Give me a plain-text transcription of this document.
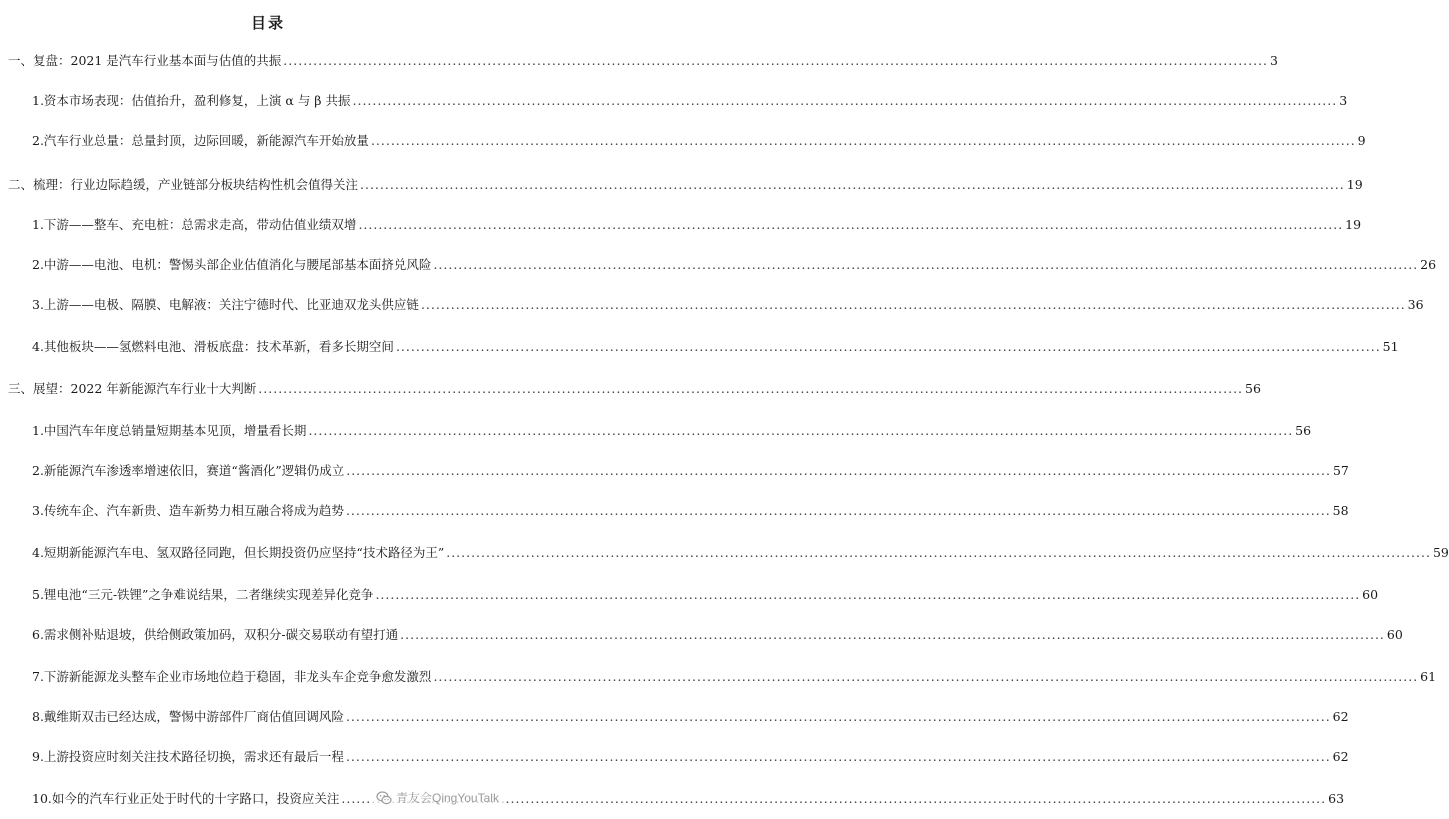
目录
一、复盘：2021 是汽车行业基本面与估值的共振 .....	3
1.资本市场表现：估值抬升，盈利修复，上演 α 与 β 共振 .....	3
2.汽车行业总量：总量封顶，边际回暖，新能源汽车开始放量 .....	9
二、梳理：行业边际趋缓，产业链部分板块结构性机会值得关注 .....	19
1.下游——整车、充电桩：总需求走高，带动估值业绩双增 .....	19
2.中游——电池、电机：警惕头部企业估值消化与腰尾部基本面挤兑风险 .....	26
3.上游——电极、隔膜、电解液：关注宁德时代、比亚迪双龙头供应链 .....	36
4.其他板块——氢燃料电池、滑板底盘：技术革新，看多长期空间 .....	51
三、展望：2022 年新能源汽车行业十大判断 .....	56
1.中国汽车年度总销量短期基本见顶，增量看长期 .....	56
2.新能源汽车渗透率增速依旧，赛道“酱酒化”逻辑仍成立 .....	57
3.传统车企、汽车新贵、造车新势力相互融合将成为趋势 .....	58
4.短期新能源汽车电、氢双路径同跑，但长期投资仍应坚持“技术路径为王” .....	59
5.锂电池“三元-铁锂”之争难说结果，二者继续实现差异化竞争 .....	60
6.需求侧补贴退坡，供给侧政策加码，双积分-碳交易联动有望打通 .....	60
7.下游新能源龙头整车企业市场地位趋于稳固，非龙头车企竞争愈发激烈 .....	61
8.戴维斯双击已经达成，警惕中游部件厂商估值回调风险 .....	62
9.上游投资应时刻关注技术路径切换，需求还有最后一程 .....	62
10.如今的汽车行业正处于时代的十字路口，投资应关注 .....	63
青友会QingYouTalk
